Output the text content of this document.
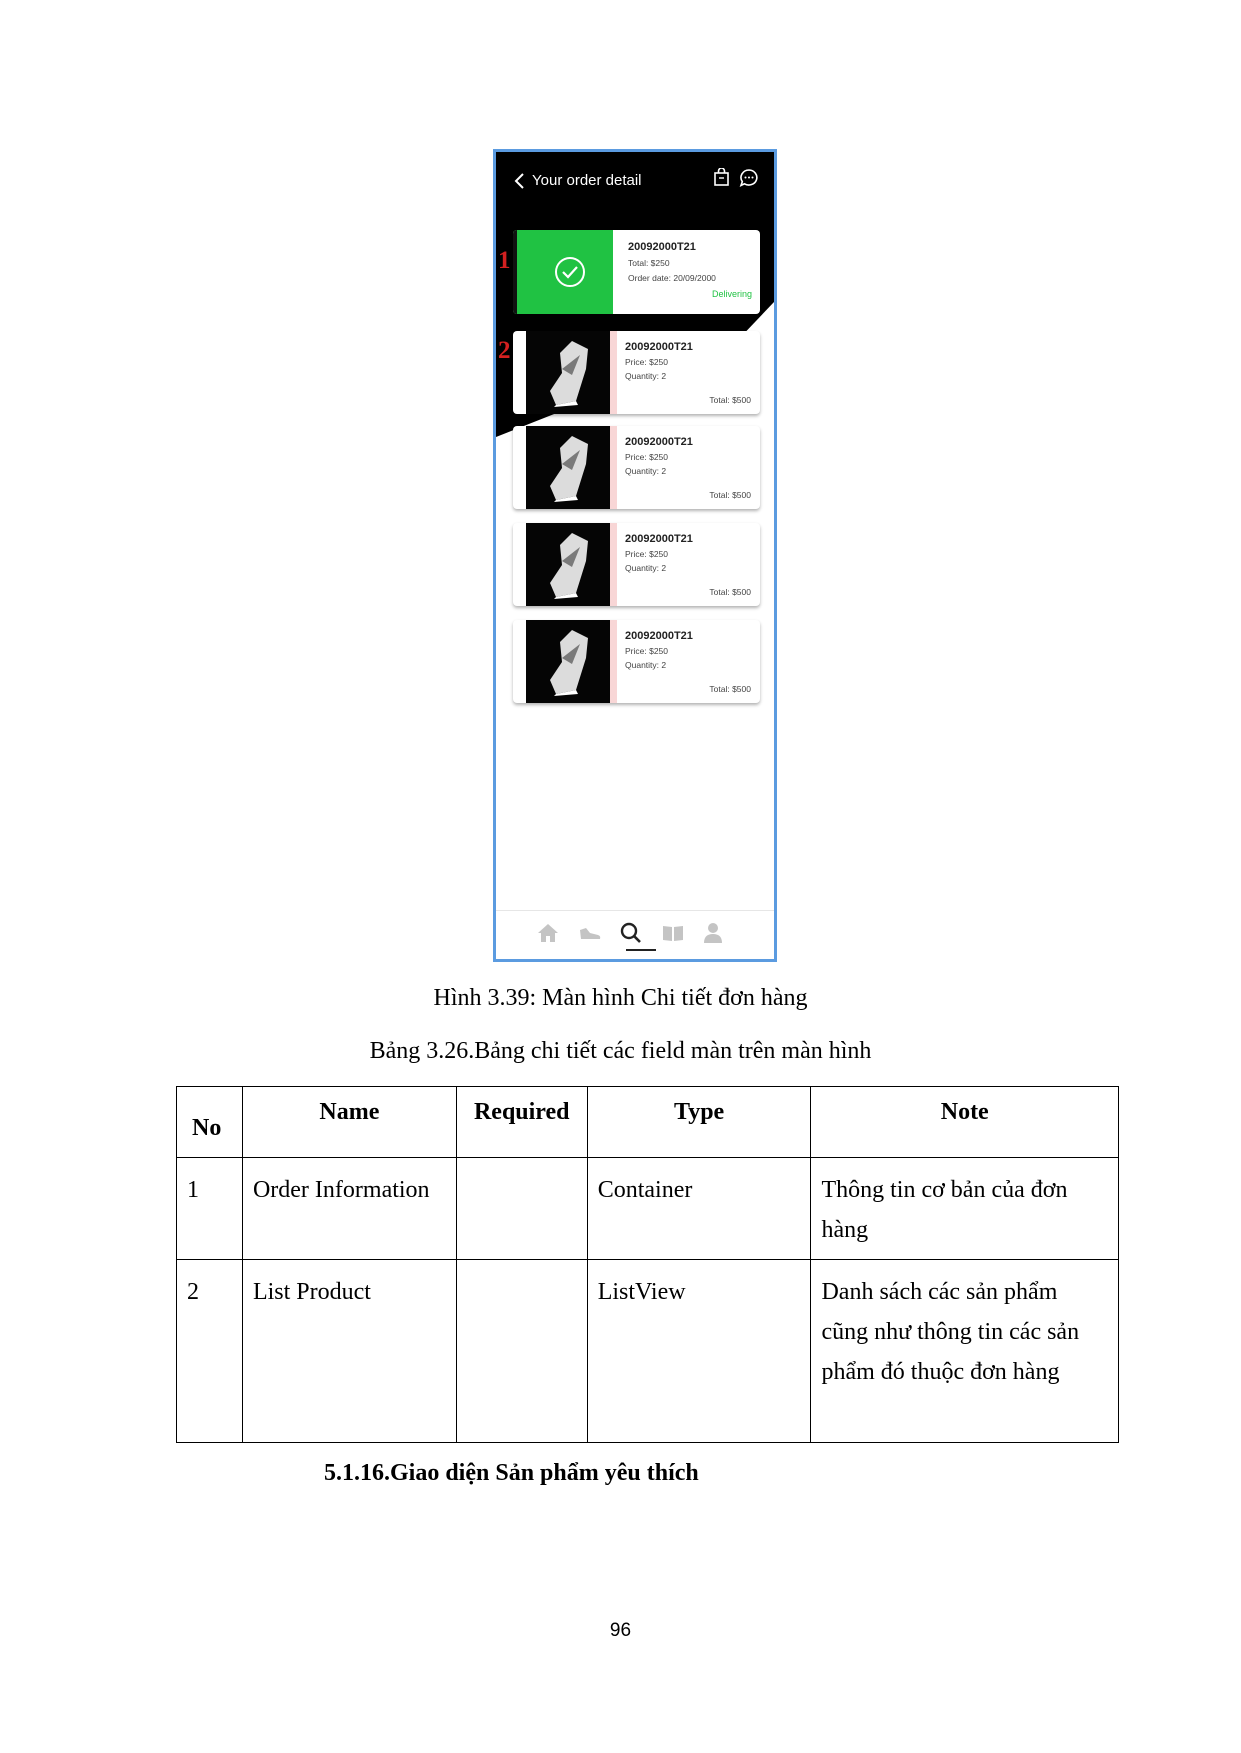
Your order detail
1	20092000T21
Total: $250
Order date: 20/09/2000
Delivering
2	20092000T21
Price: $250
Quantity: 2
Total: $500
20092000T21
Price: $250
Quantity: 2
Total: $500
20092000T21
Price: $250
Quantity: 2
Total: $500
20092000T21
Price: $250
Quantity: 2
Total: $500
Hình 3.39: Màn hình Chi tiết đơn hàng
Bảng 3.26.Bảng chi tiết các field màn trên màn hình
No	Name	Required	Type	Note
1	Order Information		Container	Thông tin cơ bản của đơn hàng
2	List Product		ListView	Danh sách các sản phẩm cũng như thông tin các sản phẩm đó thuộc đơn hàng
5.1.16.Giao diện Sản phẩm yêu thích
96
